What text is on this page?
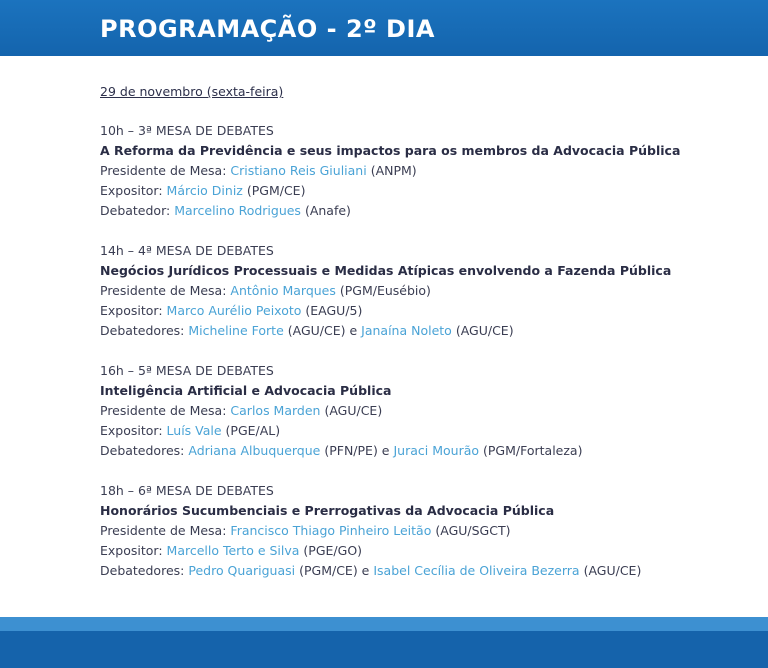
PROGRAMAÇÃO - 2º DIA
29 de novembro (sexta-feira)
10h – 3ª MESA DE DEBATES
A Reforma da Previdência e seus impactos para os membros da Advocacia Pública
Presidente de Mesa: Cristiano Reis Giuliani (ANPM)
Expositor: Márcio Diniz (PGM/CE)
Debatedor: Marcelino Rodrigues (Anafe)
14h – 4ª MESA DE DEBATES
Negócios Jurídicos Processuais e Medidas Atípicas envolvendo a Fazenda Pública
Presidente de Mesa: Antônio Marques (PGM/Eusébio)
Expositor: Marco Aurélio Peixoto (EAGU/5)
Debatedores: Micheline Forte (AGU/CE) e Janaína Noleto (AGU/CE)
16h – 5ª MESA DE DEBATES
Inteligência Artificial e Advocacia Pública
Presidente de Mesa: Carlos Marden (AGU/CE)
Expositor: Luís Vale (PGE/AL)
Debatedores: Adriana Albuquerque (PFN/PE) e Juraci Mourão (PGM/Fortaleza)
18h – 6ª MESA DE DEBATES
Honorários Sucumbenciais e Prerrogativas da Advocacia Pública
Presidente de Mesa: Francisco Thiago Pinheiro Leitão (AGU/SGCT)
Expositor: Marcello Terto e Silva (PGE/GO)
Debatedores: Pedro Quariguasi (PGM/CE) e Isabel Cecília de Oliveira Bezerra (AGU/CE)
